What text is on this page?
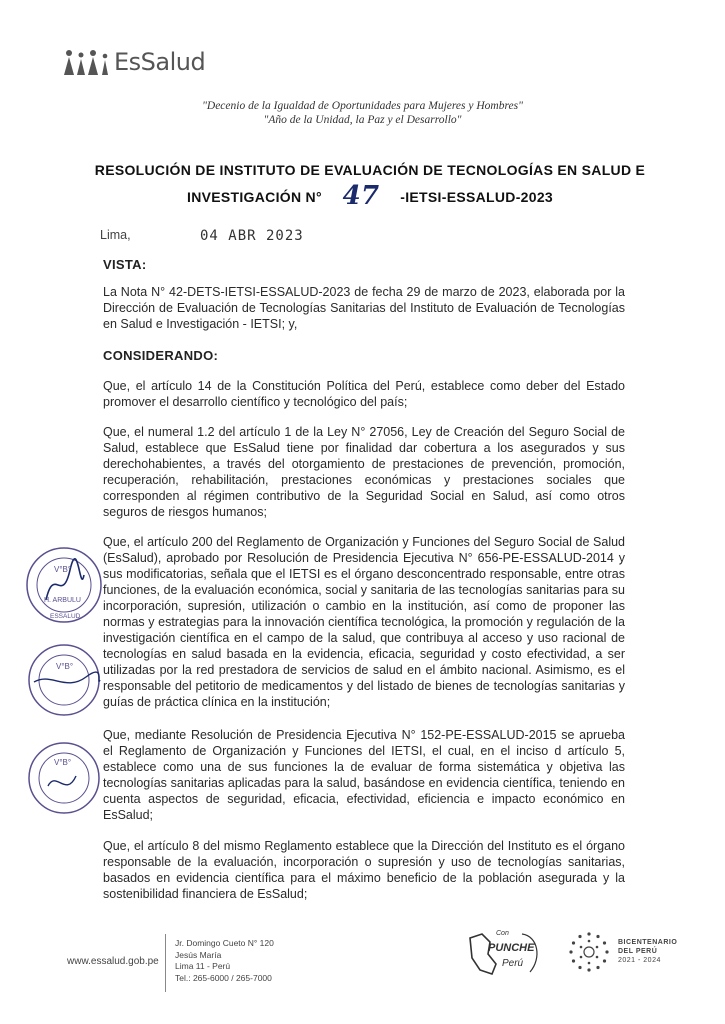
EsSalud
"Decenio de la Igualdad de Oportunidades para Mujeres y Hombres"
"Año de la Unidad, la Paz y el Desarrollo"
RESOLUCIÓN DE INSTITUTO DE EVALUACIÓN DE TECNOLOGÍAS EN SALUD E
INVESTIGACIÓN N° 47 -IETSI-ESSALUD-2023
Lima,	04 ABR 2023
VISTA:
La Nota N° 42-DETS-IETSI-ESSALUD-2023 de fecha 29 de marzo de 2023, elaborada por la Dirección de Evaluación de Tecnologías Sanitarias del Instituto de Evaluación de Tecnologías en Salud e Investigación - IETSI; y,
CONSIDERANDO:
Que, el artículo 14 de la Constitución Política del Perú, establece como deber del Estado promover el desarrollo científico y tecnológico del país;
Que, el numeral 1.2 del artículo 1 de la Ley N° 27056, Ley de Creación del Seguro Social de Salud, establece que EsSalud tiene por finalidad dar cobertura a los asegurados y sus derechohabientes, a través del otorgamiento de prestaciones de prevención, promoción, recuperación, rehabilitación, prestaciones económicas y prestaciones sociales que corresponden al régimen contributivo de la Seguridad Social en Salud, así como otros seguros de riesgos humanos;
Que, el artículo 200 del Reglamento de Organización y Funciones del Seguro Social de Salud (EsSalud), aprobado por Resolución de Presidencia Ejecutiva N° 656-PE-ESSALUD-2014 y sus modificatorias, señala que el IETSI es el órgano desconcentrado responsable, entre otras funciones, de la evaluación económica, social y sanitaria de las tecnologías sanitarias para su incorporación, supresión, utilización o cambio en la institución, así como de proponer las normas y estrategias para la innovación científica tecnológica, la promoción y regulación de la investigación científica en el campo de la salud, que contribuya al acceso y uso racional de tecnologías en salud basada en la evidencia, eficacia, seguridad y costo efectividad, a ser utilizadas por la red prestadora de servicios de salud en el ámbito nacional. Asimismo, es el responsable del petitorio de medicamentos y del listado de bienes de tecnologías sanitarias y guías de práctica clínica en la institución;
Que, mediante Resolución de Presidencia Ejecutiva N° 152-PE-ESSALUD-2015 se aprueba el Reglamento de Organización y Funciones del IETSI, el cual, en el inciso d artículo 5, establece como una de sus funciones la de evaluar de forma sistemática y objetiva las tecnologías sanitarias aplicadas para la salud, basándose en evidencia científica, teniendo en cuenta aspectos de seguridad, eficacia, efectividad, eficiencia e impacto económico en EsSalud;
Que, el artículo 8 del mismo Reglamento establece que la Dirección del Instituto es el órgano responsable de la evaluación, incorporación o supresión y uso de tecnologías sanitarias, basados en evidencia científica para el máximo beneficio de la población asegurada y la sostenibilidad financiera de EsSalud;
V°B°
H. ARBULU
ESSALUD
V°B°
V°B°
www.essalud.gob.pe
Jr. Domingo Cueto N° 120
Jesús María
Lima 11 - Perú
Tel.: 265-6000 / 265-7000
Con
PUNCHE
Perú
BICENTENARIO
DEL PERÚ
2021 - 2024
